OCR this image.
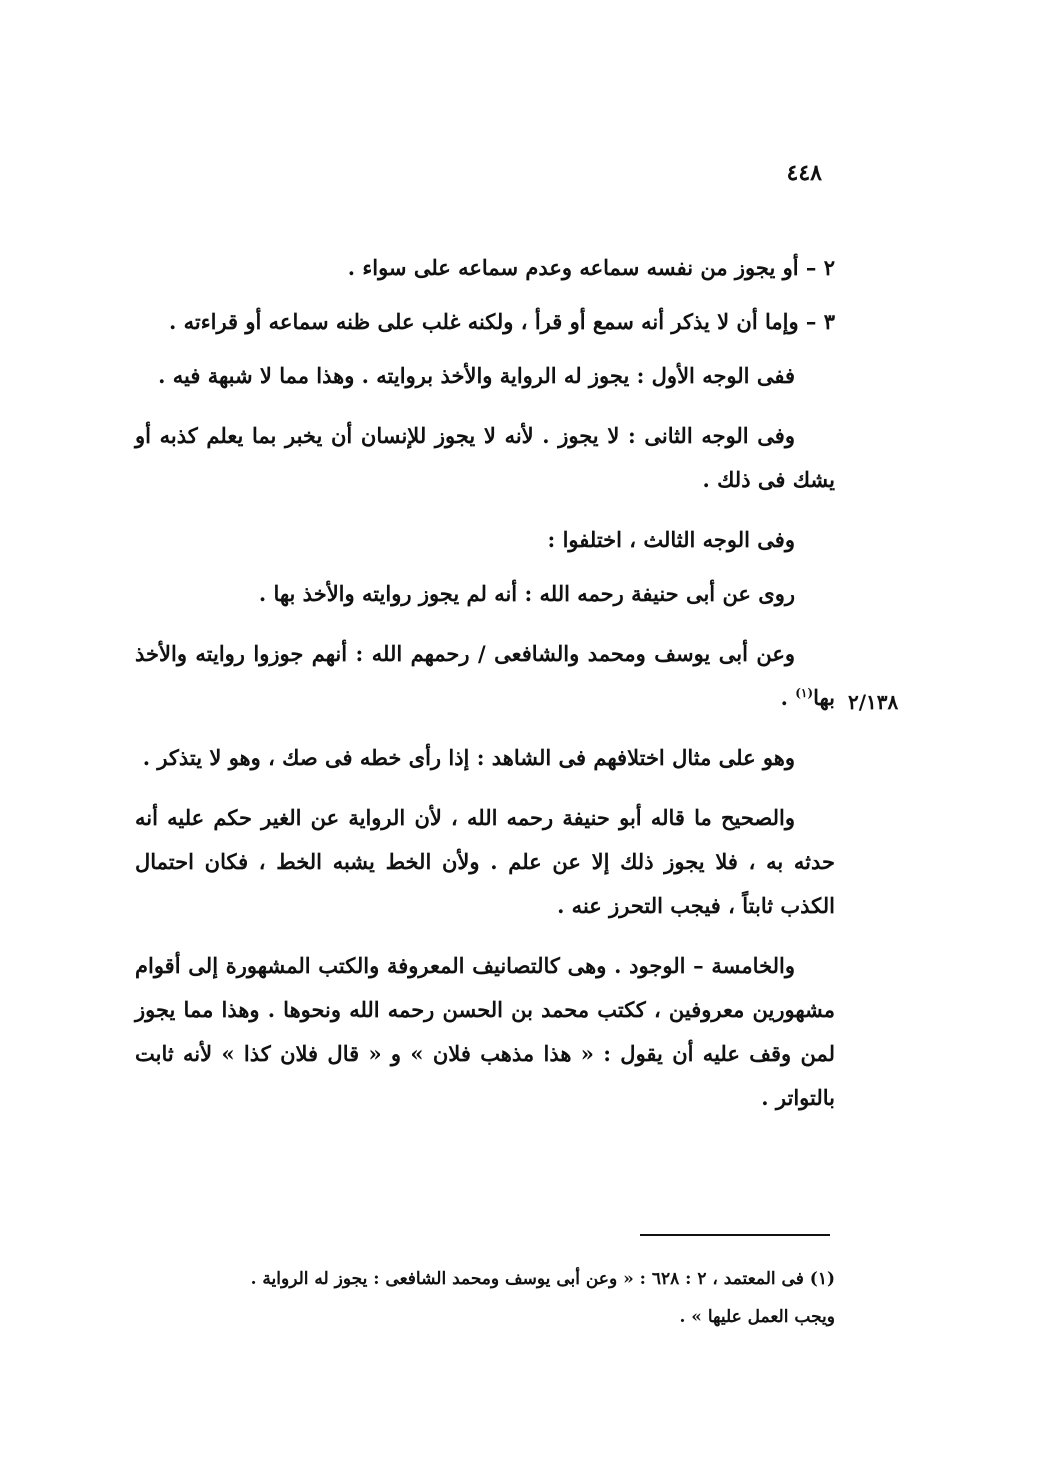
٤٤٨
٢/١٣٨

٢ – أو يجوز من نفسه سماعه وعدم سماعه على سواء .

٣ – وإما أن لا يذكر أنه سمع أو قرأ ، ولكنه غلب على ظنه سماعه أو قراءته .

ففى الوجه الأول : يجوز له الرواية والأخذ بروايته . وهذا مما لا شبهة فيه .

وفى الوجه الثانى : لا يجوز . لأنه لا يجوز للإنسان أن يخبر بما يعلم كذبه أو يشك فى ذلك .

وفى الوجه الثالث ، اختلفوا :

روى عن أبى حنيفة رحمه الله : أنه لم يجوز روايته والأخذ بها .

وعن أبى يوسف ومحمد والشافعى / رحمهم الله : أنهم جوزوا روايته والأخذ بها$^{(١)}$ .

وهو على مثال اختلافهم فى الشاهد : إذا رأى خطه فى صك ، وهو لا يتذكر .

والصحيح ما قاله أبو حنيفة رحمه الله ، لأن الرواية عن الغير حكم عليه أنه حدثه به ، فلا يجوز ذلك إلا عن علم . ولأن الخط يشبه الخط ، فكان احتمال الكذب ثابتاً ، فيجب التحرز عنه .

والخامسة – الوجود . وهى كالتصانيف المعروفة والكتب المشهورة إلى أقوام مشهورين معروفين ، ككتب محمد بن الحسن رحمه الله ونحوها . وهذا مما يجوز لمن وقف عليه أن يقول : « هذا مذهب فلان » و « قال فلان كذا » لأنه ثابت بالتواتر .

(١) فى المعتمد ، ٢ : ٦٢٨ : « وعن أبى يوسف ومحمد الشافعى : يجوز له الرواية .

ويجب العمل عليها » .
